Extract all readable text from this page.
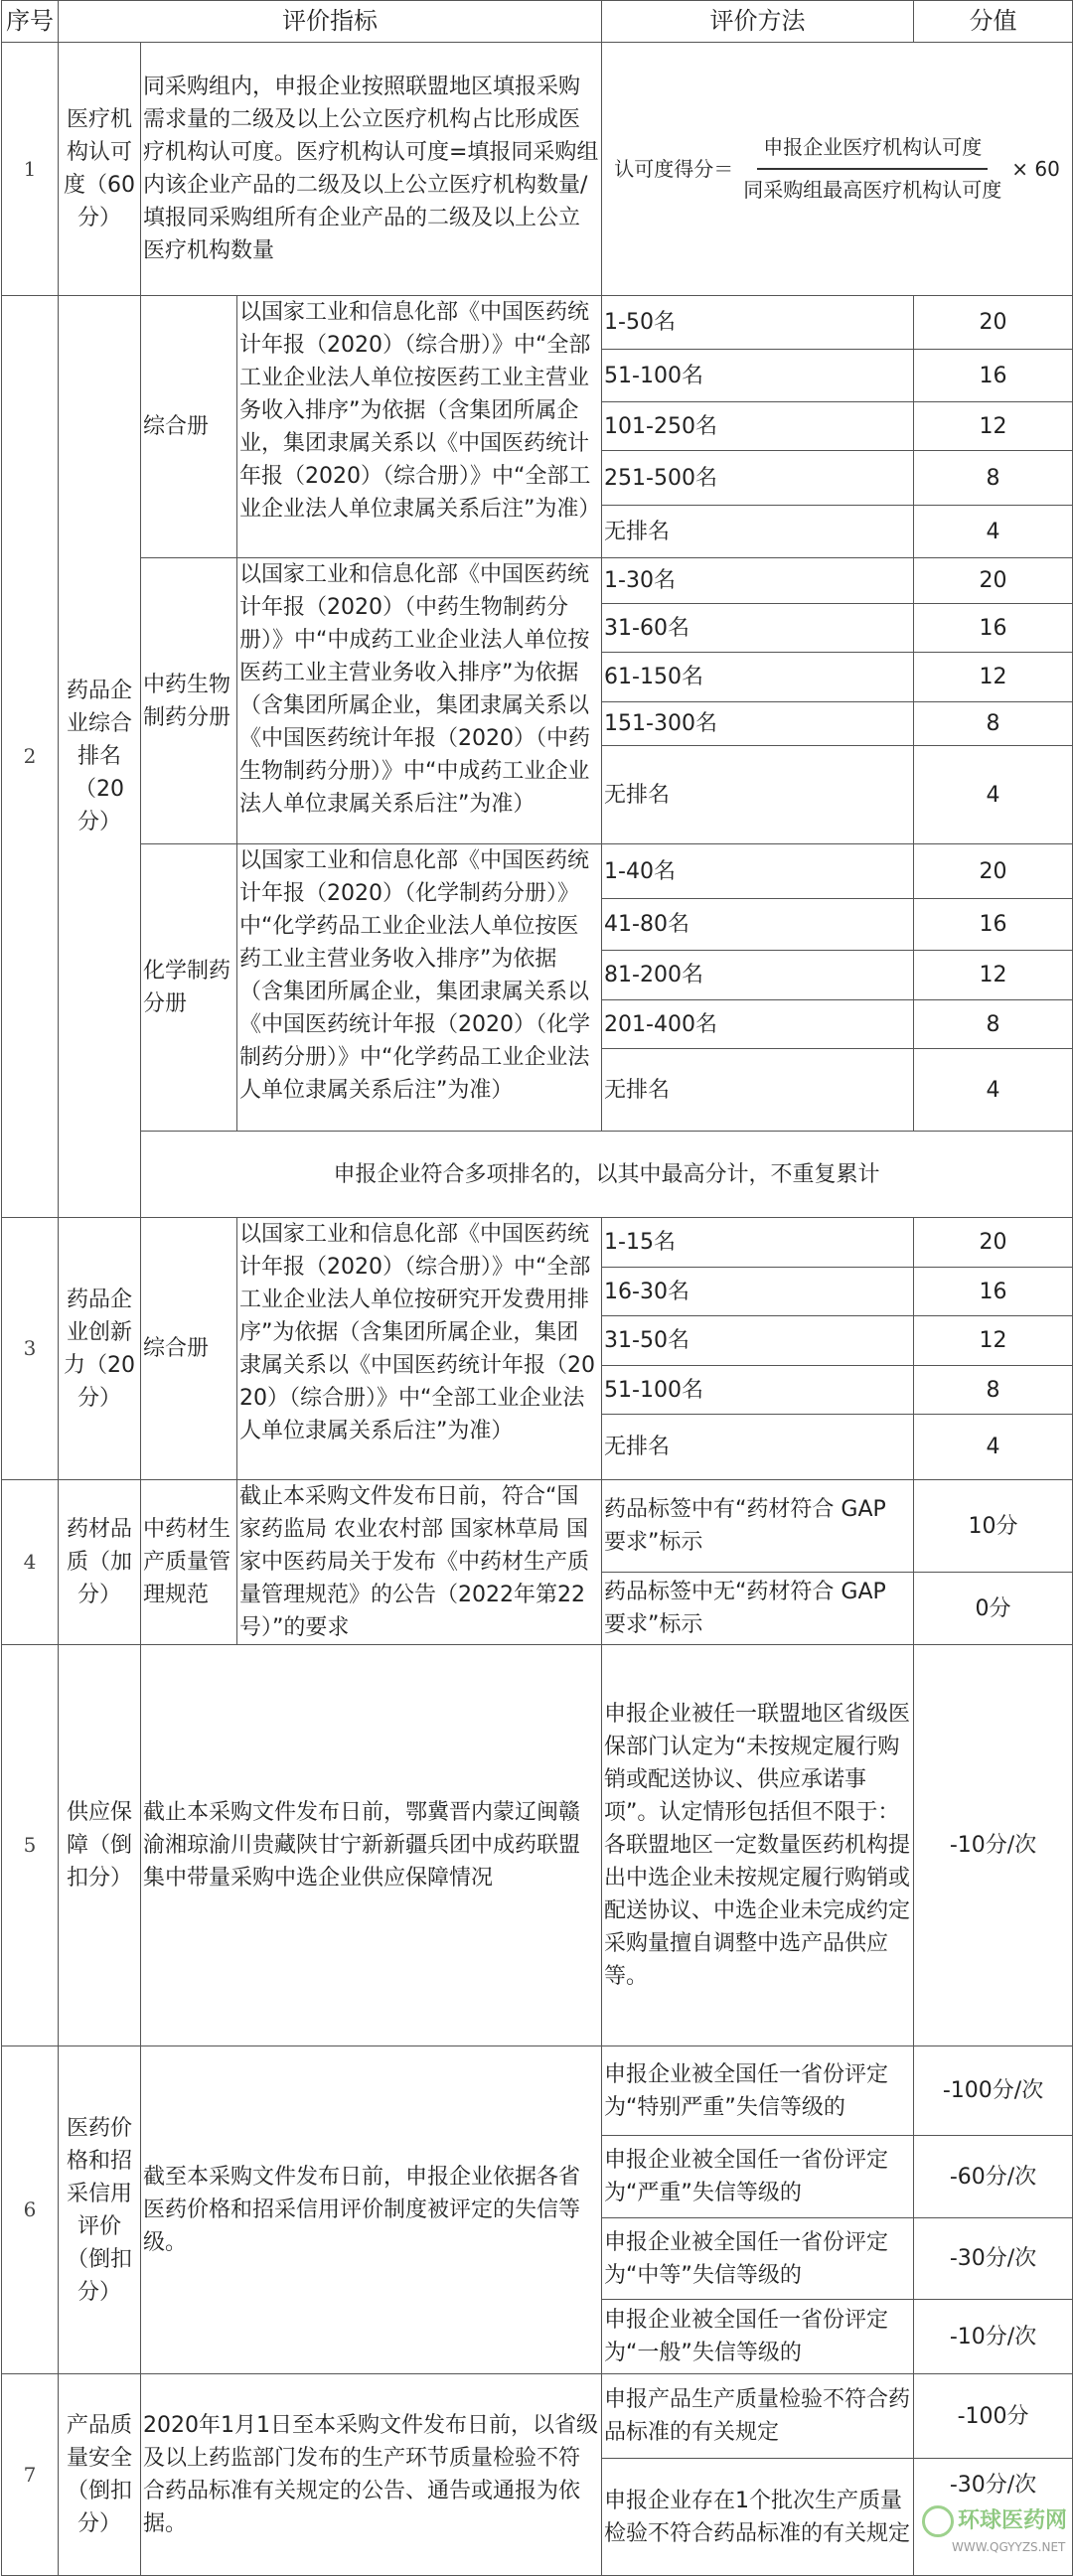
序号	评价指标			评价方法	分值
1	医疗机构认可度（60分）	同采购组内，申报企业按照联盟地区填报采购需求量的二级及以上公立医疗机构占比形成医疗机构认可度。医疗机构认可度=填报同采购组内该企业产品的二级及以上公立医疗机构数量/填报同采购组所有企业产品的二级及以上公立医疗机构数量		认可度得分＝ $\frac{\text{申报企业医疗机构认可度}}{\text{同采购组最高医疗机构认可度}} \times 60$	

2	药品企业综合排名（20分）	综合册	以国家工业和信息化部《中国医药统计年报（2020）（综合册）》中“全部工业企业法人单位按医药工业主营业务收入排序”为依据（含集团所属企业，集团隶属关系以《中国医药统计年报（2020）（综合册）》中“全部工业企业法人单位隶属关系后注”为准）	1-50名	20
				51-100名	16
				101-250名	12
				251-500名	8
				无排名	4
		中药生物制药分册	以国家工业和信息化部《中国医药统计年报（2020）（中药生物制药分册）》中“中成药工业企业法人单位按医药工业主营业务收入排序”为依据（含集团所属企业，集团隶属关系以《中国医药统计年报（2020）（中药生物制药分册）》中“中成药工业企业法人单位隶属关系后注”为准）	1-30名	20
				31-60名	16
				61-150名	12
				151-300名	8
				无排名	4
		化学制药分册	以国家工业和信息化部《中国医药统计年报（2020）（化学制药分册）》中“化学药品工业企业法人单位按医药工业主营业务收入排序”为依据（含集团所属企业，集团隶属关系以《中国医药统计年报（2020）（化学制药分册）》中“化学药品工业企业法人单位隶属关系后注”为准）	1-40名	20
				41-80名	16
				81-200名	12
				201-400名	8
				无排名	4
		申报企业符合多项排名的，以其中最高分计，不重复累计			
3	药品企业创新力（20分）	综合册	以国家工业和信息化部《中国医药统计年报（2020）（综合册）》中“全部工业企业法人单位按研究开发费用排序”为依据（含集团所属企业，集团隶属关系以《中国医药统计年报（2020）（综合册）》中“全部工业企业法人单位隶属关系后注”为准）	1-15名	20
				16-30名	16
				31-50名	12
				51-100名	8
				无排名	4
4	药材品质（加分）	中药材生产质量管理规范	截止本采购文件发布日前，符合“国家药监局 农业农村部 国家林草局 国家中医药局关于发布《中药材生产质量管理规范》的公告（2022年第22号）”的要求	药品标签中有“药材符合 GAP 要求”标示	10分
				药品标签中无“药材符合 GAP 要求”标示	0分
5	供应保障（倒扣分）	截止本采购文件发布日前，鄂冀晋内蒙辽闽赣渝湘琼渝川贵藏陕甘宁新新疆兵团中成药联盟集中带量采购中选企业供应保障情况		申报企业被任一联盟地区省级医保部门认定为“未按规定履行购销或配送协议、供应承诺事项”。认定情形包括但不限于：各联盟地区一定数量医药机构提出中选企业未按规定履行购销或配送协议、中选企业未完成约定采购量擅自调整中选产品供应等。	-10分/次
6	医药价格和招采信用评价（倒扣分）	截至本采购文件发布日前，申报企业依据各省医药价格和招采信用评价制度被评定的失信等级。		申报企业被全国任一省份评定为“特别严重”失信等级的	-100分/次
				申报企业被全国任一省份评定为“严重”失信等级的	-60分/次
				申报企业被全国任一省份评定为“中等”失信等级的	-30分/次
				申报企业被全国任一省份评定为“一般”失信等级的	-10分/次
7	产品质量安全（倒扣分）	2020年1月1日至本采购文件发布日前，以省级及以上药监部门发布的生产环节质量检验不符合药品标准有关规定的公告、通告或通报为依据。		申报产品生产质量检验不符合药品标准的有关规定	-100分
				申报企业存在1个批次生产质量检验不符合药品标准的有关规定	-30分/次
环球医药网
WWW.QGYYZS.NET
